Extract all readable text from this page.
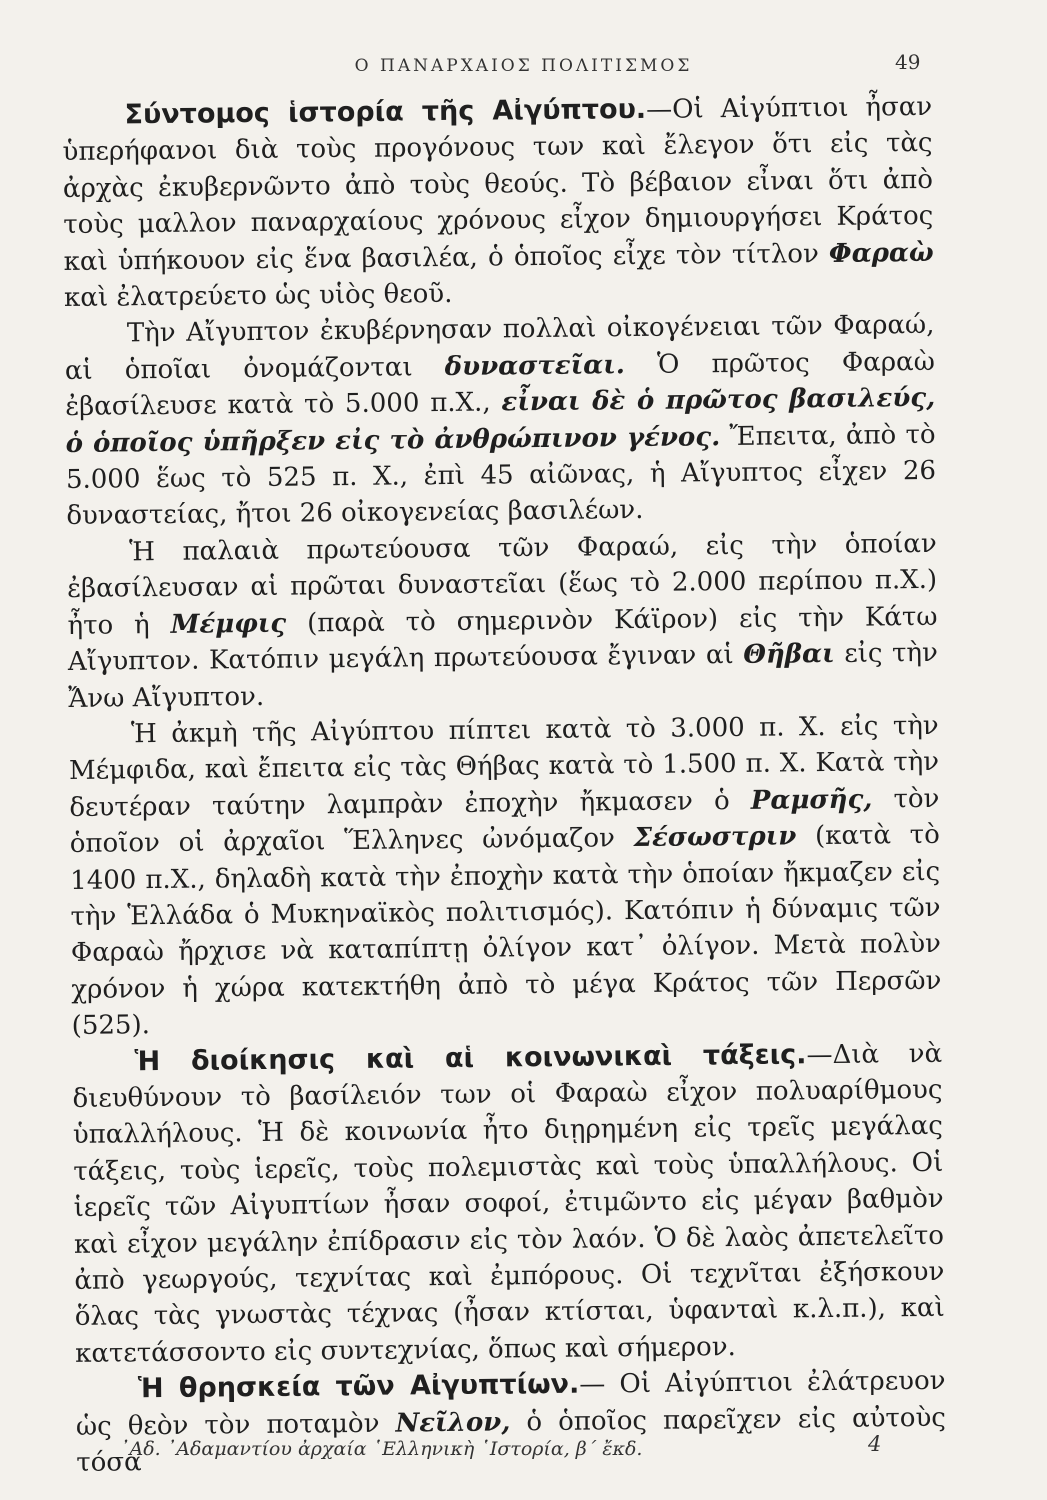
Ο ΠΑΝΑΡΧΑΙΟΣ ΠΟΛΙΤΙΣΜΟΣ	49

Σύντομος ἱστορία τῆς Αἰγύπτου.—Οἱ Αἰγύπτιοι ἦσαν ὑπερήφανοι διὰ τοὺς προγόνους των καὶ ἔλεγον ὅτι εἰς τὰς ἀρχὰς ἐκυβερνῶντο ἀπὸ τοὺς θεούς. Τὸ βέβαιον εἶναι ὅτι ἀπὸ τοὺς μαλλον παναρχαίους χρόνους εἶχον δημιουργήσει Κράτος καὶ ὑπήκουον εἰς ἕνα βασιλέα, ὁ ὁποῖος εἶχε τὸν τίτλον Φαραὼ καὶ ἐλατρεύετο ὡς υἱὸς θεοῦ.

Τὴν Αἴγυπτον ἐκυβέρνησαν πολλαὶ οἰκογένειαι τῶν Φαραώ, αἱ ὁποῖαι ὀνομάζονται δυναστεῖαι. Ὁ πρῶτος Φαραὼ ἐβασίλευσε κατὰ τὸ 5.000 π.Χ., εἶναι δὲ ὁ πρῶτος βασιλεύς, ὁ ὁποῖος ὑπῆρξεν εἰς τὸ ἀνθρώπινον γένος. Ἔπειτα, ἀπὸ τὸ 5.000 ἕως τὸ 525 π. Χ., ἐπὶ 45 αἰῶνας, ἡ Αἴγυπτος εἶχεν 26 δυναστείας, ἤτοι 26 οἰκογενείας βασιλέων.

Ἡ παλαιὰ πρωτεύουσα τῶν Φαραώ, εἰς τὴν ὁποίαν ἐβασίλευσαν αἱ πρῶται δυναστεῖαι (ἕως τὸ 2.000 περίπου π.Χ.) ἦτο ἡ Μέμφις (παρὰ τὸ σημερινὸν Κάϊρον) εἰς τὴν Κάτω Αἴγυπτον. Κατόπιν μεγάλη πρωτεύουσα ἔγιναν αἱ Θῆβαι εἰς τὴν Ἄνω Αἴγυπτον.

Ἡ ἀκμὴ τῆς Αἰγύπτου πίπτει κατὰ τὸ 3.000 π. Χ. εἰς τὴν Μέμφιδα, καὶ ἔπειτα εἰς τὰς Θήβας κατὰ τὸ 1.500 π. Χ. Κατὰ τὴν δευτέραν ταύτην λαμπρὰν ἐποχὴν ἤκμασεν ὁ Ραμσῆς, τὸν ὁποῖον οἱ ἀρχαῖοι Ἕλληνες ὠνόμαζον Σέσωστριν (κατὰ τὸ 1400 π.Χ., δηλαδὴ κατὰ τὴν ἐποχὴν κατὰ τὴν ὁποίαν ἤκμαζεν εἰς τὴν Ἑλλάδα ὁ Μυκηναϊκὸς πολιτισμός). Κατόπιν ἡ δύναμις τῶν Φαραὼ ἤρχισε νὰ καταπίπτῃ ὀλίγον κατ᾽ ὀλίγον. Μετὰ πολὺν χρόνον ἡ χώρα κατεκτήθη ἀπὸ τὸ μέγα Κράτος τῶν Περσῶν (525).

Ἡ διοίκησις καὶ αἱ κοινωνικαὶ τάξεις.—Διὰ νὰ διευθύνουν τὸ βασίλειόν των οἱ Φαραὼ εἶχον πολυαρίθμους ὑπαλλήλους. Ἡ δὲ κοινωνία ἦτο διῃρημένη εἰς τρεῖς μεγάλας τάξεις, τοὺς ἱερεῖς, τοὺς πολεμιστὰς καὶ τοὺς ὑπαλλήλους. Οἱ ἱερεῖς τῶν Αἰγυπτίων ἦσαν σοφοί, ἐτιμῶντο εἰς μέγαν βαθμὸν καὶ εἶχον μεγάλην ἐπίδρασιν εἰς τὸν λαόν. Ὁ δὲ λαὸς ἀπετελεῖτο ἀπὸ γεωργούς, τεχνίτας καὶ ἐμπόρους. Οἱ τεχνῖται ἐξήσκουν ὅλας τὰς γνωστὰς τέχνας (ἦσαν κτίσται, ὑφανταὶ κ.λ.π.), καὶ κατετάσσοντο εἰς συντεχνίας, ὅπως καὶ σήμερον.

Ἡ θρησκεία τῶν Αἰγυπτίων.— Οἱ Αἰγύπτιοι ἐλάτρευον ὡς θεὸν τὸν ποταμὸν Νεῖλον, ὁ ὁποῖος παρεῖχεν εἰς αὐτοὺς τόσα

᾿Αδ. ᾿Αδαμαντίου ἀρχαία ῾Ελληνικὴ ῾Ιστορία, β´ ἔκδ.	4
